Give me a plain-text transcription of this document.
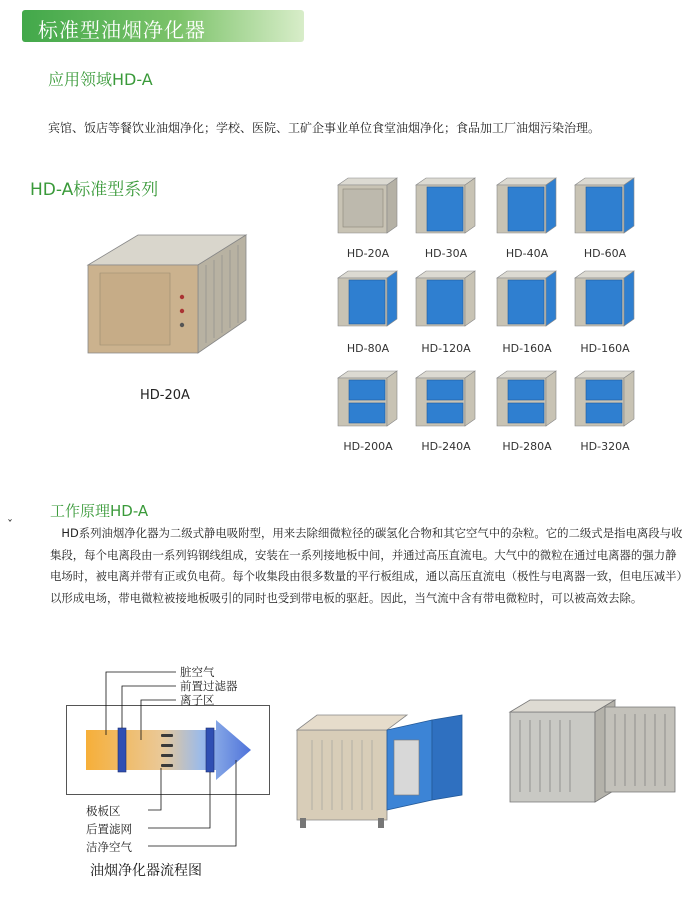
标准型油烟净化器
应用领域HD-A
宾馆、饭店等餐饮业油烟净化；学校、医院、工矿企事业单位食堂油烟净化；食品加工厂油烟污染治理。
HD-A标准型系列
HD-20A
HD-20A	HD-30A	HD-40A	HD-60A
HD-80A	HD-120A	HD-160A	HD-160A
HD-200A	HD-240A	HD-280A	HD-320A
ˇ
工作原理HD-A
HD系列油烟净化器为二级式静电吸附型，用来去除细微粒径的碳氢化合物和其它空气中的杂粒。它的二级式是指电离段与收集段，每个电离段由一系列钨钢线组成，安装在一系列接地板中间，并通过高压直流电。大气中的微粒在通过电离器的强力静电场时，被电离并带有正或负电荷。每个收集段由很多数量的平行板组成，通以高压直流电（极性与电离器一致，但电压减半）以形成电场，带电微粒被接地板吸引的同时也受到带电板的驱赶。因此，当气流中含有带电微粒时，可以被高效去除。
脏空气
前置过滤器
离子区
极板区
后置滤网
洁净空气
油烟净化器流程图
